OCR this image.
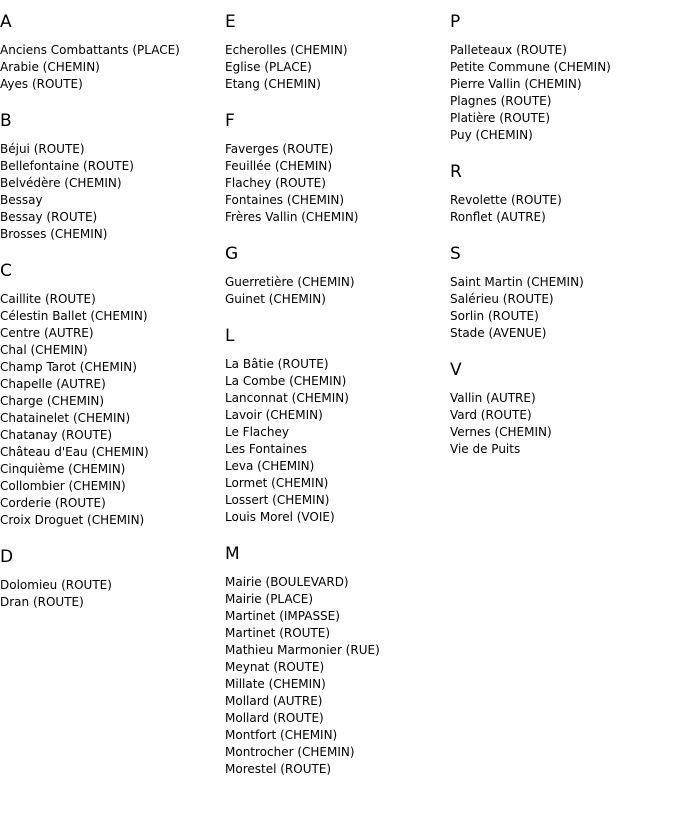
A
Anciens Combattants (PLACE)
Arabie (CHEMIN)
Ayes (ROUTE)
B
Béjui (ROUTE)
Bellefontaine (ROUTE)
Belvédère (CHEMIN)
Bessay
Bessay (ROUTE)
Brosses (CHEMIN)
C
Caillite (ROUTE)
Célestin Ballet (CHEMIN)
Centre (AUTRE)
Chal (CHEMIN)
Champ Tarot (CHEMIN)
Chapelle (AUTRE)
Charge (CHEMIN)
Chatainelet (CHEMIN)
Chatanay (ROUTE)
Château d'Eau (CHEMIN)
Cinquième (CHEMIN)
Collombier (CHEMIN)
Corderie (ROUTE)
Croix Droguet (CHEMIN)
D
Dolomieu (ROUTE)
Dran (ROUTE)
E
Echerolles (CHEMIN)
Eglise (PLACE)
Etang (CHEMIN)
F
Faverges (ROUTE)
Feuillée (CHEMIN)
Flachey (ROUTE)
Fontaines (CHEMIN)
Frères Vallin (CHEMIN)
G
Guerretière (CHEMIN)
Guinet (CHEMIN)
L
La Bâtie (ROUTE)
La Combe (CHEMIN)
Lanconnat (CHEMIN)
Lavoir (CHEMIN)
Le Flachey
Les Fontaines
Leva (CHEMIN)
Lormet (CHEMIN)
Lossert (CHEMIN)
Louis Morel (VOIE)
M
Mairie (BOULEVARD)
Mairie (PLACE)
Martinet (IMPASSE)
Martinet (ROUTE)
Mathieu Marmonier (RUE)
Meynat (ROUTE)
Millate (CHEMIN)
Mollard (AUTRE)
Mollard (ROUTE)
Montfort (CHEMIN)
Montrocher (CHEMIN)
Morestel (ROUTE)
P
Palleteaux (ROUTE)
Petite Commune (CHEMIN)
Pierre Vallin (CHEMIN)
Plagnes (ROUTE)
Platière (ROUTE)
Puy (CHEMIN)
R
Revolette (ROUTE)
Ronflet (AUTRE)
S
Saint Martin (CHEMIN)
Salérieu (ROUTE)
Sorlin (ROUTE)
Stade (AVENUE)
V
Vallin (AUTRE)
Vard (ROUTE)
Vernes (CHEMIN)
Vie de Puits
